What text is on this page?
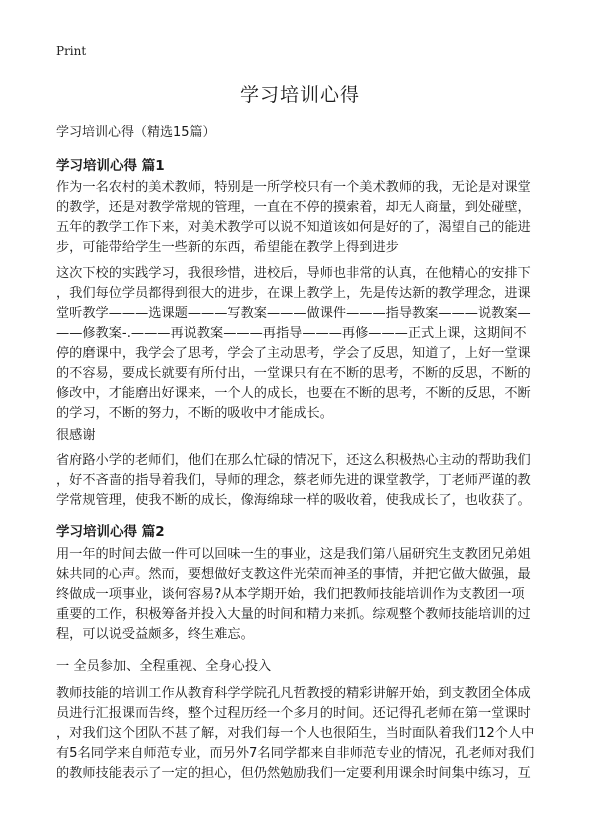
Print
学习培训心得
学习培训心得（精选15篇）
学习培训心得 篇1
作为一名农村的美术教师，特别是一所学校只有一个美术教师的我，无论是对课堂
的教学，还是对教学常规的管理，一直在不停的摸索着，却无人商量，到处碰壁，
五年的教学工作下来，对美术教学可以说不知道该如何是好的了，渴望自己的能进
步，可能带给学生一些新的东西，希望能在教学上得到进步
这次下校的实践学习，我很珍惜，进校后，导师也非常的认真，在他精心的安排下
，我们每位学员都得到很大的进步，在课上教学上，先是传达新的教学理念，进课
堂听教学———选课题———写教案———做课件———指导教案———说教案—
——修教案-.———再说教案———再指导———再修———正式上课，这期间不
停的磨课中，我学会了思考，学会了主动思考，学会了反思，知道了，上好一堂课
的不容易，要成长就要有所付出，一堂课只有在不断的思考，不断的反思，不断的
修改中，才能磨出好课来，一个人的成长，也要在不断的思考，不断的反思，不断
的学习，不断的努力，不断的吸收中才能成长。
很感谢
省府路小学的老师们，他们在那么忙碌的情况下，还这么积极热心主动的帮助我们
，好不吝啬的指导着我们，导师的理念，蔡老师先进的课堂教学，丁老师严谨的教
学常规管理，使我不断的成长，像海绵球一样的吸收着，使我成长了，也收获了。
学习培训心得 篇2
用一年的时间去做一件可以回味一生的事业，这是我们第八届研究生支教团兄弟姐
妹共同的心声。然而，要想做好支教这件光荣而神圣的事情，并把它做大做强，最
终做成一项事业，谈何容易?从本学期开始，我们把教师技能培训作为支教团一项
重要的工作，积极筹备并投入大量的时间和精力来抓。综观整个教师技能培训的过
程，可以说受益颇多，终生难忘。
一 全员参加、全程重视、全身心投入
教师技能的培训工作从教育科学学院孔凡哲教授的精彩讲解开始，到支教团全体成
员进行汇报课而告终，整个过程历经一个多月的时间。还记得孔老师在第一堂课时
，对我们这个团队不甚了解，对我们每一个人也很陌生，当时面队着我们12个人中
有5名同学来自师范专业，而另外7名同学都来自非师范专业的情况，孔老师对我们
的教师技能表示了一定的担心，但仍然勉励我们一定要利用课余时间集中练习，互
